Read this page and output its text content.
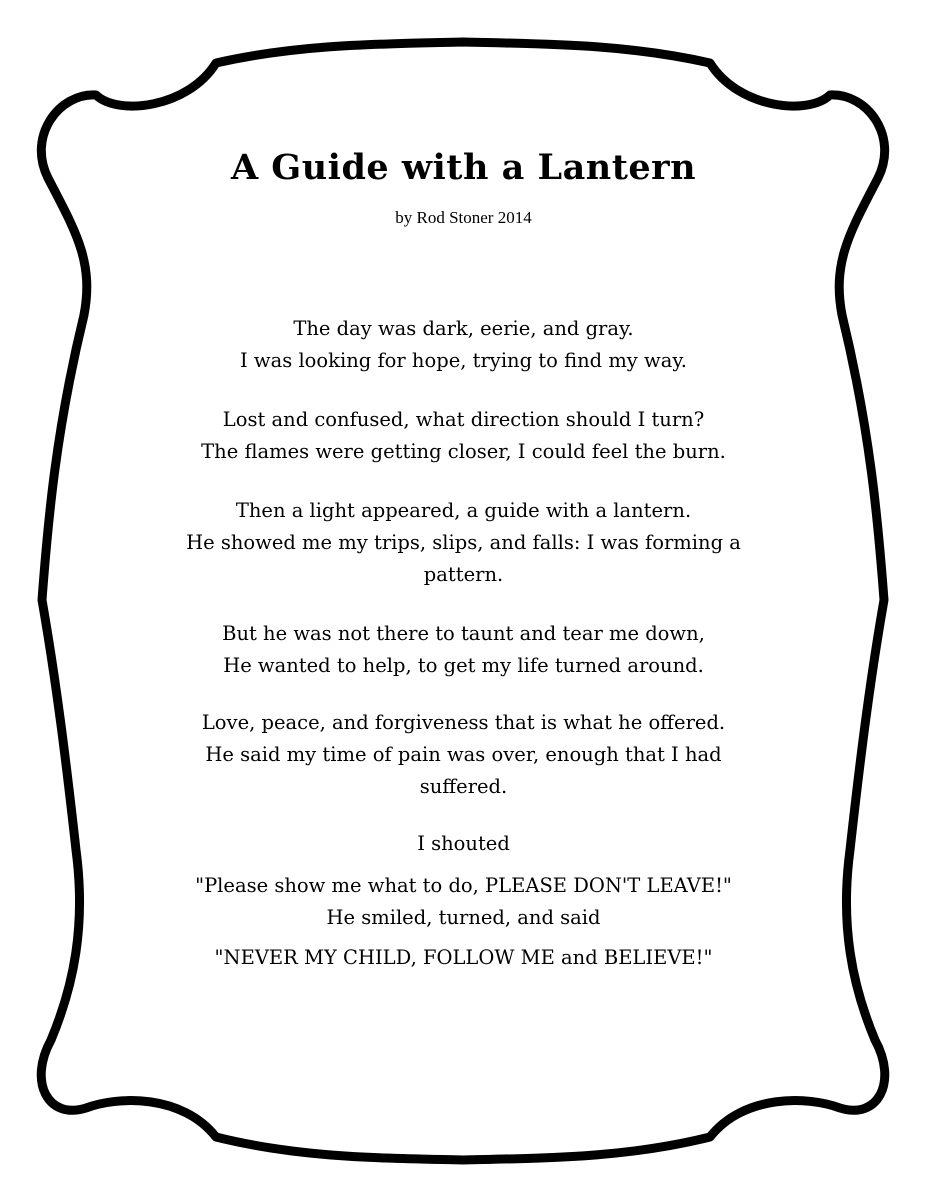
A Guide with a Lantern
by Rod Stoner 2014
The day was dark, eerie, and gray.
I was looking for hope, trying to find my way.
Lost and confused, what direction should I turn?
The flames were getting closer, I could feel the burn.
Then a light appeared, a guide with a lantern.
He showed me my trips, slips, and falls: I was forming a
pattern.
But he was not there to taunt and tear me down,
He wanted to help, to get my life turned around.
Love, peace, and forgiveness that is what he offered.
He said my time of pain was over, enough that I had
suffered.
I shouted
"Please show me what to do, PLEASE DON'T LEAVE!"
He smiled, turned, and said
"NEVER MY CHILD, FOLLOW ME and BELIEVE!"
